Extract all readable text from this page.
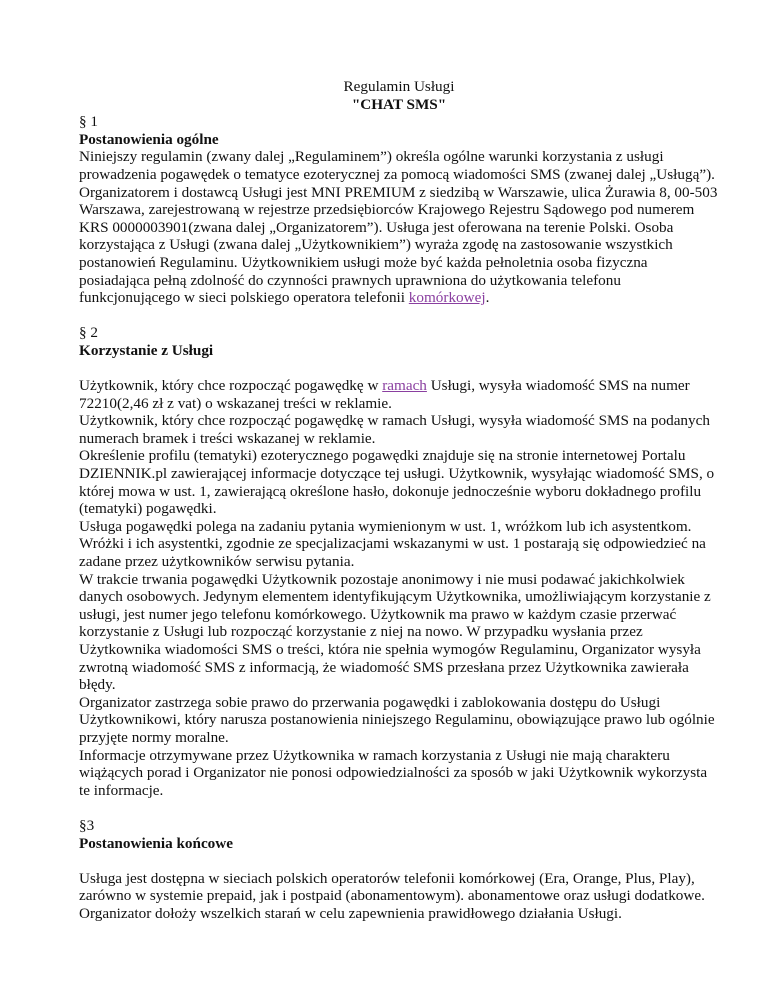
Regulamin Usługi
"CHAT SMS"
§ 1
Postanowienia ogólne

Niniejszy regulamin (zwany dalej „Regulaminem”) określa ogólne warunki korzystania z usługi prowadzenia pogawędek o tematyce ezoterycznej za pomocą wiadomości SMS (zwanej dalej „Usługą”). Organizatorem i dostawcą Usługi jest MNI PREMIUM z siedzibą w Warszawie, ulica Żurawia 8, 00-503 Warszawa, zarejestrowaną w rejestrze przedsiębiorców Krajowego Rejestru Sądowego pod numerem KRS 0000003901(zwana dalej „Organizatorem”). Usługa jest oferowana na terenie Polski. Osoba korzystająca z Usługi (zwana dalej „Użytkownikiem”) wyraża zgodę na zastosowanie wszystkich postanowień Regulaminu. Użytkownikiem usługi może być każda pełnoletnia osoba fizyczna posiadająca pełną zdolność do czynności prawnych uprawniona do użytkowania telefonu funkcjonującego w sieci polskiego operatora telefonii komórkowej.

§ 2
Korzystanie z Usługi

Użytkownik, który chce rozpocząć pogawędkę w ramach Usługi, wysyła wiadomość SMS na numer 72210(2,46 zł z vat) o wskazanej treści w reklamie.

Użytkownik, który chce rozpocząć pogawędkę w ramach Usługi, wysyła wiadomość SMS na podanych numerach bramek i treści wskazanej w reklamie.

Określenie profilu (tematyki) ezoterycznego pogawędki znajduje się na stronie internetowej Portalu DZIENNIK.pl zawierającej informacje dotyczące tej usługi. Użytkownik, wysyłając wiadomość SMS, o której mowa w ust. 1, zawierającą określone hasło, dokonuje jednocześnie wyboru dokładnego profilu (tematyki) pogawędki.

Usługa pogawędki polega na zadaniu pytania wymienionym w ust. 1, wróżkom lub ich asystentkom. Wróżki i ich asystentki, zgodnie ze specjalizacjami wskazanymi w ust. 1 postarają się odpowiedzieć na zadane przez użytkowników serwisu pytania.

W trakcie trwania pogawędki Użytkownik pozostaje anonimowy i nie musi podawać jakichkolwiek danych osobowych. Jedynym elementem identyfikującym Użytkownika, umożliwiającym korzystanie z usługi, jest numer jego telefonu komórkowego. Użytkownik ma prawo w każdym czasie przerwać korzystanie z Usługi lub rozpocząć korzystanie z niej na nowo. W przypadku wysłania przez Użytkownika wiadomości SMS o treści, która nie spełnia wymogów Regulaminu, Organizator wysyła zwrotną wiadomość SMS z informacją, że wiadomość SMS przesłana przez Użytkownika zawierała błędy.

Organizator zastrzega sobie prawo do przerwania pogawędki i zablokowania dostępu do Usługi Użytkownikowi, który narusza postanowienia niniejszego Regulaminu, obowiązujące prawo lub ogólnie przyjęte normy moralne.

Informacje otrzymywane przez Użytkownika w ramach korzystania z Usługi nie mają charakteru wiążących porad i Organizator nie ponosi odpowiedzialności za sposób w jaki Użytkownik wykorzysta te informacje.

§3
Postanowienia końcowe

Usługa jest dostępna w sieciach polskich operatorów telefonii komórkowej (Era, Orange, Plus, Play), zarówno w systemie prepaid, jak i postpaid (abonamentowym). abonamentowe oraz usługi dodatkowe.

Organizator dołoży wszelkich starań w celu zapewnienia prawidłowego działania Usługi.
